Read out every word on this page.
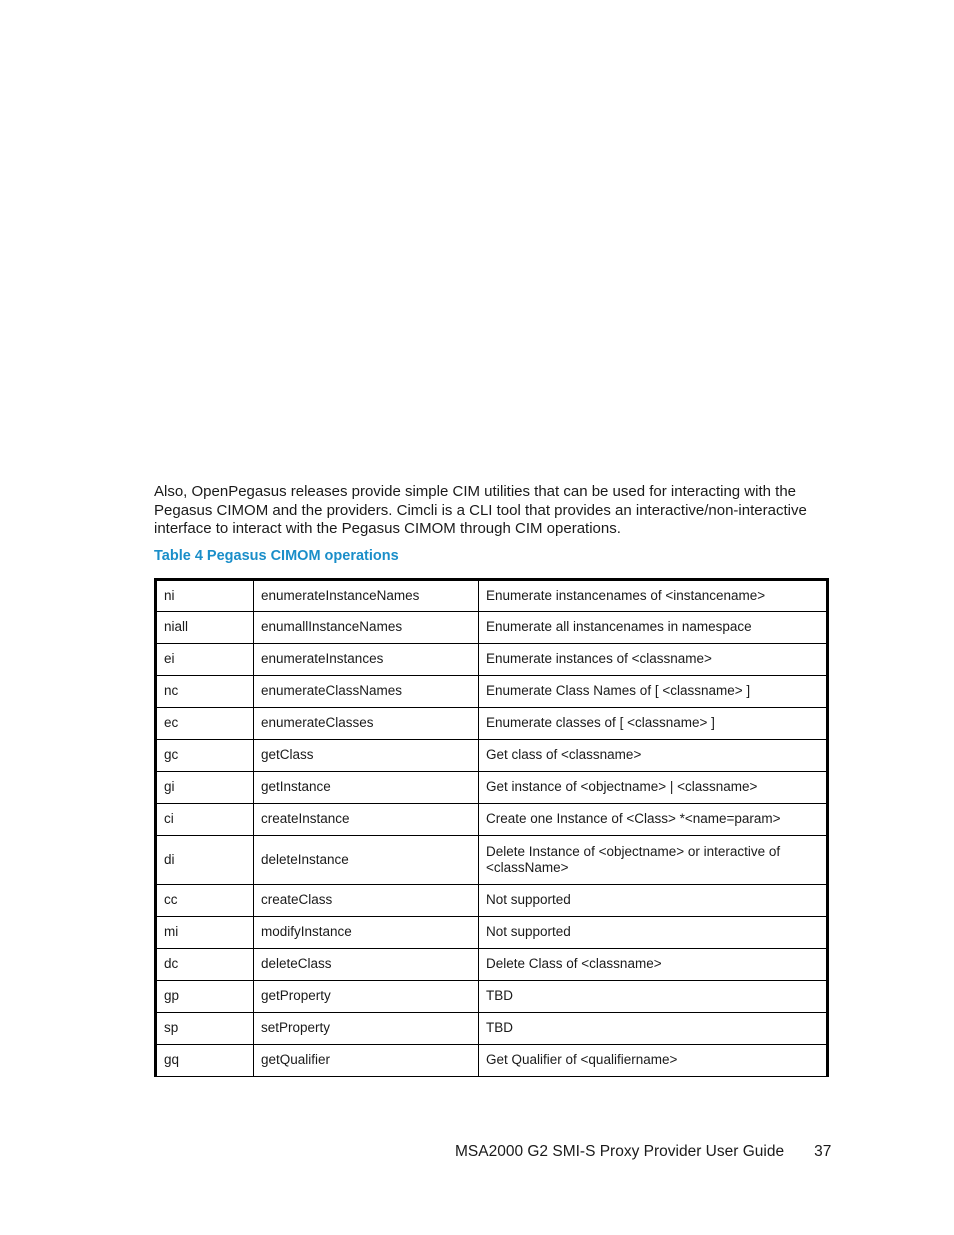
Also, OpenPegasus releases provide simple CIM utilities that can be used for interacting with the Pegasus CIMOM and the providers. Cimcli is a CLI tool that provides an interactive/non-interactive interface to interact with the Pegasus CIMOM through CIM operations.

Table 4 Pegasus CIMOM operations

ni	enumerateInstanceNames	Enumerate instancenames of <instancename>
niall	enumallInstanceNames	Enumerate all instancenames in namespace
ei	enumerateInstances	Enumerate instances of <classname>
nc	enumerateClassNames	Enumerate Class Names of [ <classname> ]
ec	enumerateClasses	Enumerate classes of [ <classname> ]
gc	getClass	Get class of <classname>
gi	getInstance	Get instance of <objectname> | <classname>
ci	createInstance	Create one Instance of <Class> *<name=param>
di	deleteInstance	Delete Instance of <objectname> or interactive of <className>
cc	createClass	Not supported
mi	modifyInstance	Not supported
dc	deleteClass	Delete Class of <classname>
gp	getProperty	TBD
sp	setProperty	TBD
gq	getQualifier	Get Qualifier of <qualifiername>

MSA2000 G2 SMI-S Proxy Provider User Guide 37
